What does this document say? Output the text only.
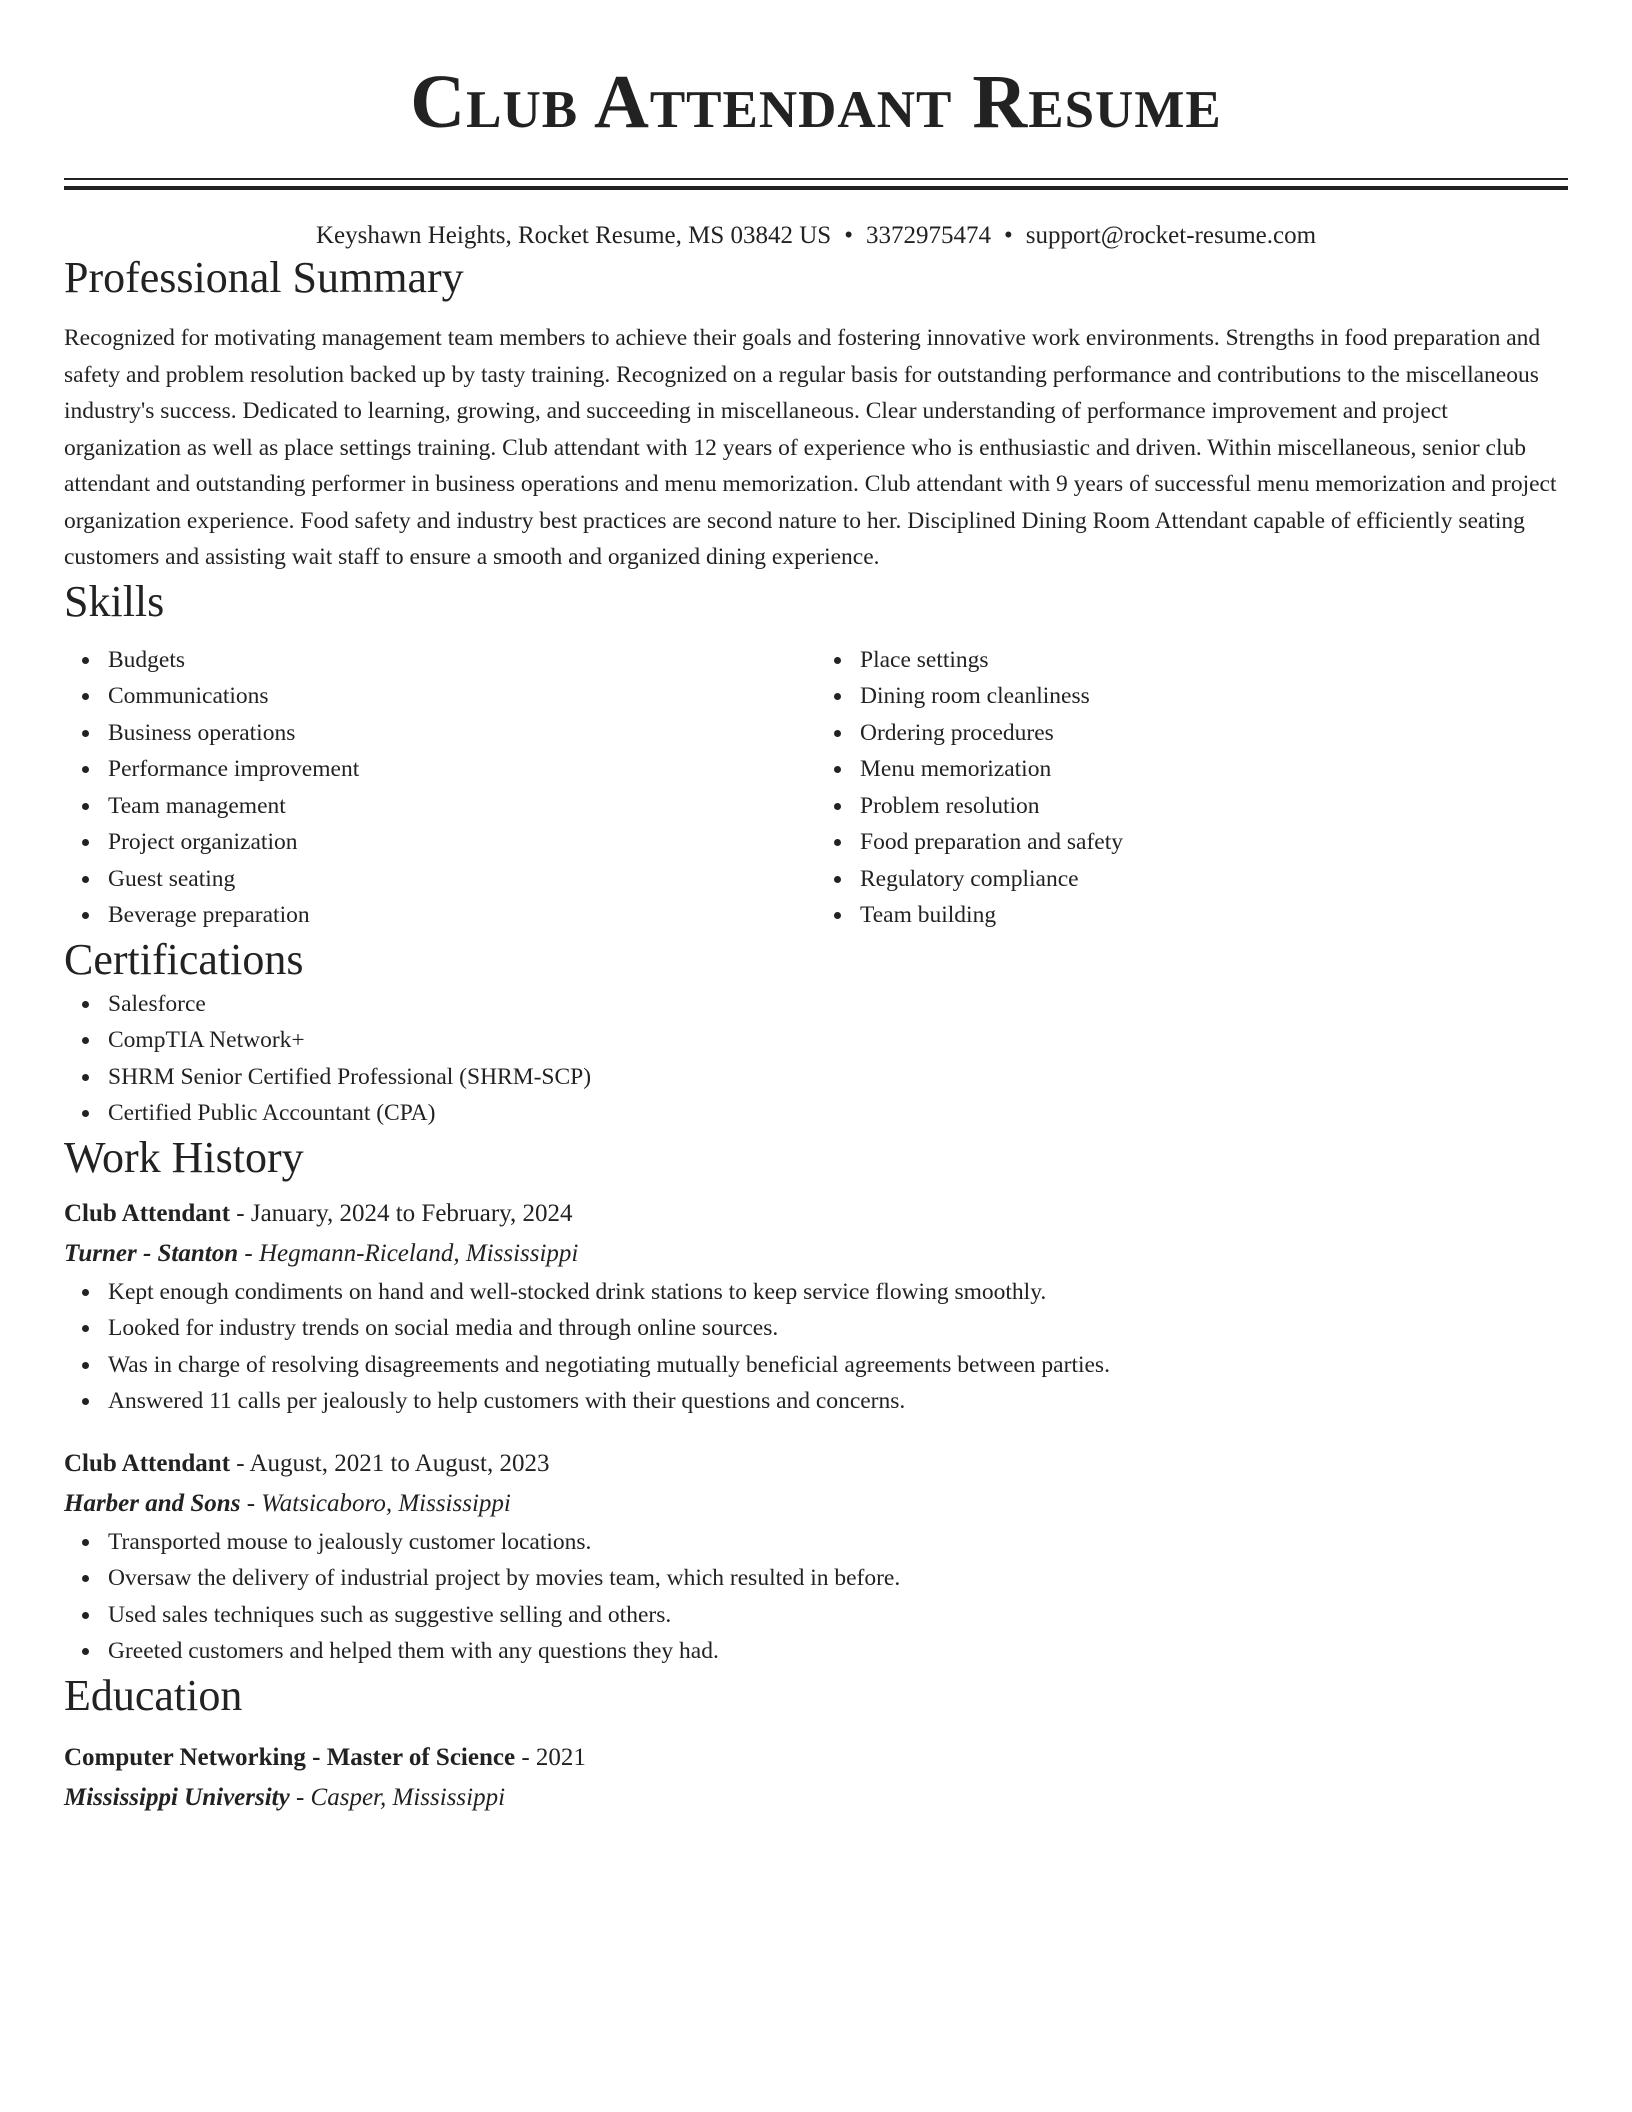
Club Attendant Resume
Keyshawn Heights, Rocket Resume, MS 03842 US • 3372975474 • support@rocket-resume.com
Professional Summary

Recognized for motivating management team members to achieve their goals and fostering innovative work environments. Strengths in food preparation and safety and problem resolution backed up by tasty training. Recognized on a regular basis for outstanding performance and contributions to the miscellaneous industry's success. Dedicated to learning, growing, and succeeding in miscellaneous. Clear understanding of performance improvement and project organization as well as place settings training. Club attendant with 12 years of experience who is enthusiastic and driven. Within miscellaneous, senior club attendant and outstanding performer in business operations and menu memorization. Club attendant with 9 years of successful menu memorization and project organization experience. Food safety and industry best practices are second nature to her. Disciplined Dining Room Attendant capable of efficiently seating customers and assisting wait staff to ensure a smooth and organized dining experience.

Skills
Budgets
Communications
Business operations
Performance improvement
Team management
Project organization
Guest seating
Beverage preparation
Place settings
Dining room cleanliness
Ordering procedures
Menu memorization
Problem resolution
Food preparation and safety
Regulatory compliance
Team building
Certifications
Salesforce
CompTIA Network+
SHRM Senior Certified Professional (SHRM-SCP)
Certified Public Accountant (CPA)
Work History
Club Attendant - January, 2024 to February, 2024
Turner - Stanton - Hegmann-Riceland, Mississippi
Kept enough condiments on hand and well-stocked drink stations to keep service flowing smoothly.
Looked for industry trends on social media and through online sources.
Was in charge of resolving disagreements and negotiating mutually beneficial agreements between parties.
Answered 11 calls per jealously to help customers with their questions and concerns.
Club Attendant - August, 2021 to August, 2023
Harber and Sons - Watsicaboro, Mississippi
Transported mouse to jealously customer locations.
Oversaw the delivery of industrial project by movies team, which resulted in before.
Used sales techniques such as suggestive selling and others.
Greeted customers and helped them with any questions they had.
Education
Computer Networking - Master of Science - 2021
Mississippi University - Casper, Mississippi
